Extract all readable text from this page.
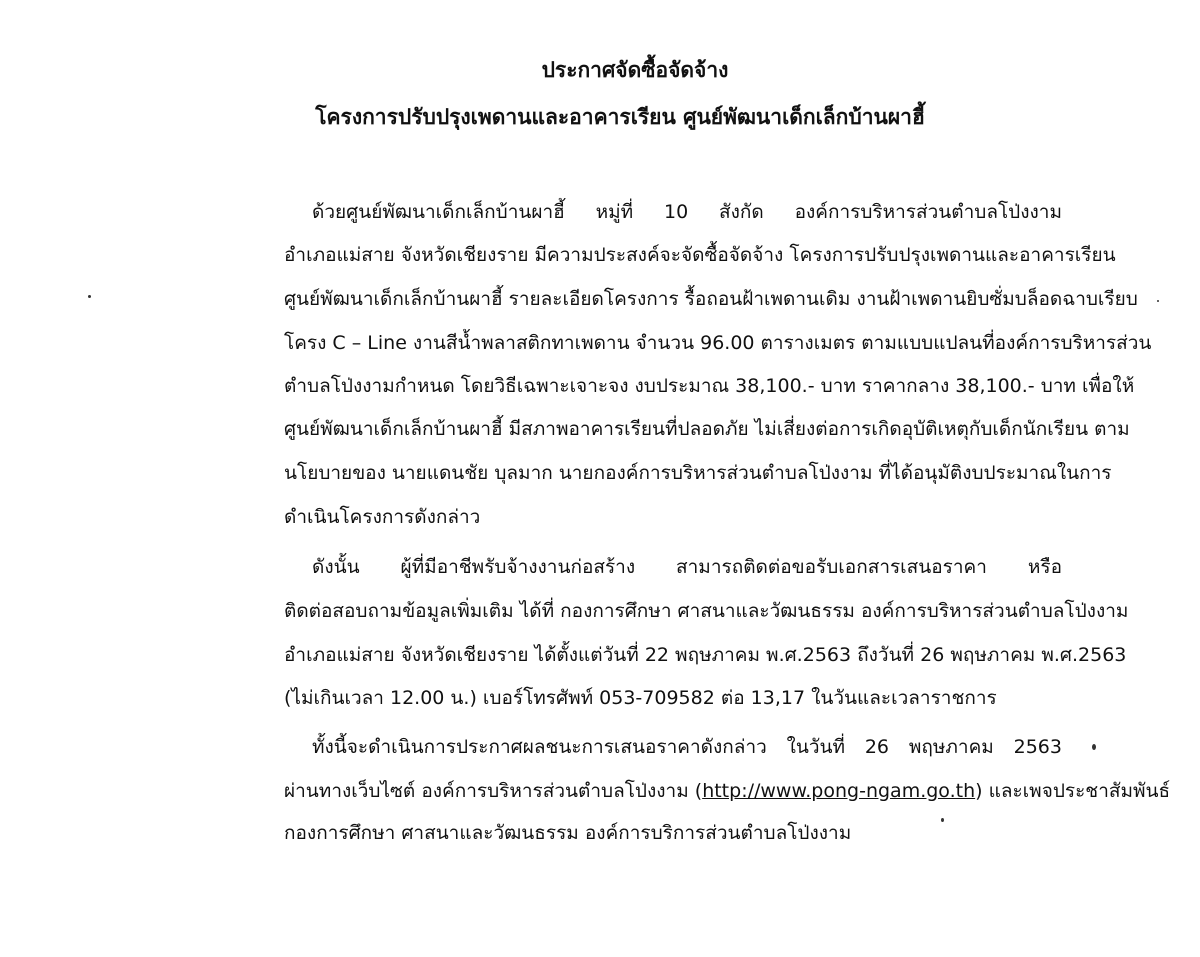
ประกาศจัดซื้อจัดจ้าง
โครงการปรับปรุงเพดานและอาคารเรียน ศูนย์พัฒนาเด็กเล็กบ้านผาฮี้
ด้วยศูนย์พัฒนาเด็กเล็กบ้านผาฮี้ หมู่ที่ 10 สังกัด องค์การบริหารส่วนตำบลโป่งงาม
อำเภอแม่สาย จังหวัดเชียงราย มีความประสงค์จะจัดซื้อจัดจ้าง โครงการปรับปรุงเพดานและอาคารเรียน
ศูนย์พัฒนาเด็กเล็กบ้านผาฮี้ รายละเอียดโครงการ รื้อถอนฝ้าเพดานเดิม งานฝ้าเพดานยิบซั่มบล็อดฉาบเรียบ
โครง C – Line งานสีน้ำพลาสติกทาเพดาน จำนวน 96.00 ตารางเมตร ตามแบบแปลนที่องค์การบริหารส่วน
ตำบลโป่งงามกำหนด โดยวิธีเฉพาะเจาะจง งบประมาณ 38,100.- บาท ราคากลาง 38,100.- บาท เพื่อให้
ศูนย์พัฒนาเด็กเล็กบ้านผาฮี้ มีสภาพอาคารเรียนที่ปลอดภัย ไม่เสี่ยงต่อการเกิดอุบัติเหตุกับเด็กนักเรียน ตาม
นโยบายของ นายแดนชัย บุลมาก นายกองค์การบริหารส่วนตำบลโป่งงาม ที่ได้อนุมัติงบประมาณในการ
ดำเนินโครงการดังกล่าว
ดังนั้น ผู้ที่มีอาชีพรับจ้างงานก่อสร้าง สามารถติดต่อขอรับเอกสารเสนอราคา หรือ
ติดต่อสอบถามข้อมูลเพิ่มเติม ได้ที่ กองการศึกษา ศาสนาและวัฒนธรรม องค์การบริหารส่วนตำบลโป่งงาม
อำเภอแม่สาย จังหวัดเชียงราย ได้ตั้งแต่วันที่ 22 พฤษภาคม พ.ศ.2563 ถึงวันที่ 26 พฤษภาคม พ.ศ.2563
(ไม่เกินเวลา 12.00 น.) เบอร์โทรศัพท์ 053-709582 ต่อ 13,17 ในวันและเวลาราชการ
ทั้งนี้จะดำเนินการประกาศผลชนะการเสนอราคาดังกล่าว ในวันที่ 26 พฤษภาคม 2563
ผ่านทางเว็บไซต์ องค์การบริหารส่วนตำบลโป่งงาม (http://www.pong-ngam.go.th) และเพจประชาสัมพันธ์
กองการศึกษา ศาสนาและวัฒนธรรม องค์การบริการส่วนตำบลโป่งงาม
